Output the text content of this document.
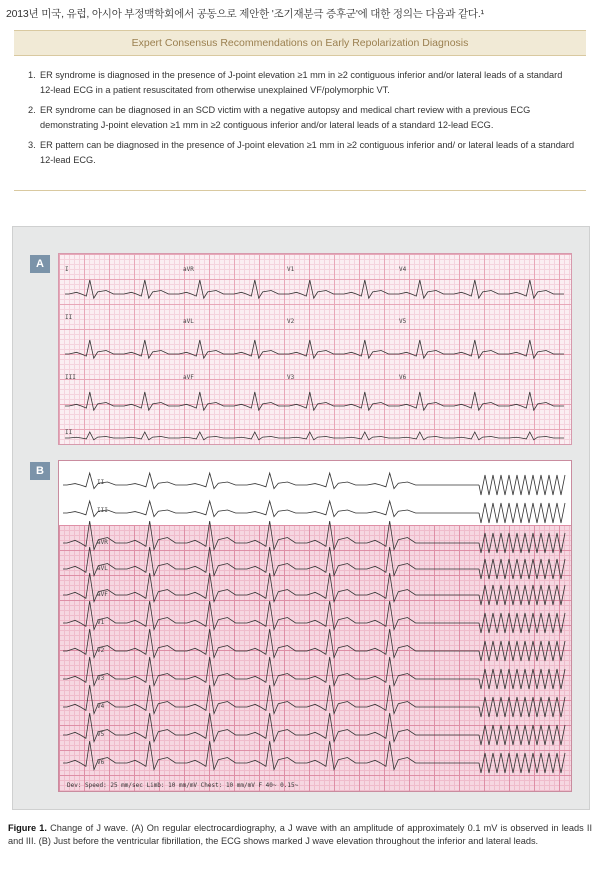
2013년 미국, 유럽, 아시아 부정맥학회에서 공동으로 제안한 '조기재분극 증후군'에 대한 정의는 다음과 같다.¹
Expert Consensus Recommendations on Early Repolarization Diagnosis
1. ER syndrome is diagnosed in the presence of J-point elevation ≥1 mm in ≥2 contiguous inferior and/or lateral leads of a standard 12-lead ECG in a patient resuscitated from otherwise unexplained VF/polymorphic VT.
2. ER syndrome can be diagnosed in an SCD victim with a negative autopsy and medical chart review with a previous ECG demonstrating J-point elevation ≥1 mm in ≥2 contiguous inferior and/or lateral leads of a standard 12-lead ECG.
3. ER pattern can be diagnosed in the presence of J-point elevation ≥1 mm in ≥2 contiguous inferior and/ or lateral leads of a standard 12-lead ECG.
A	I	aVR	V1	V4
II
aVL	V2	V5
III	aVF	V3	V6
II
B
II
III
aVR
aVL
aVF
V1
V2
V3
V4
V5
V6
Dev: Speed: 25 mm/sec Limb: 10 mm/mV Chest: 10 mm/mV F 40~ 0.15~
Figure 1. Change of J wave. (A) On regular electrocardiography, a J wave with an amplitude of approximately 0.1 mV is observed in leads II and III. (B) Just before the ventricular fibrillation, the ECG shows marked J wave elevation throughout the inferior and lateral leads.
